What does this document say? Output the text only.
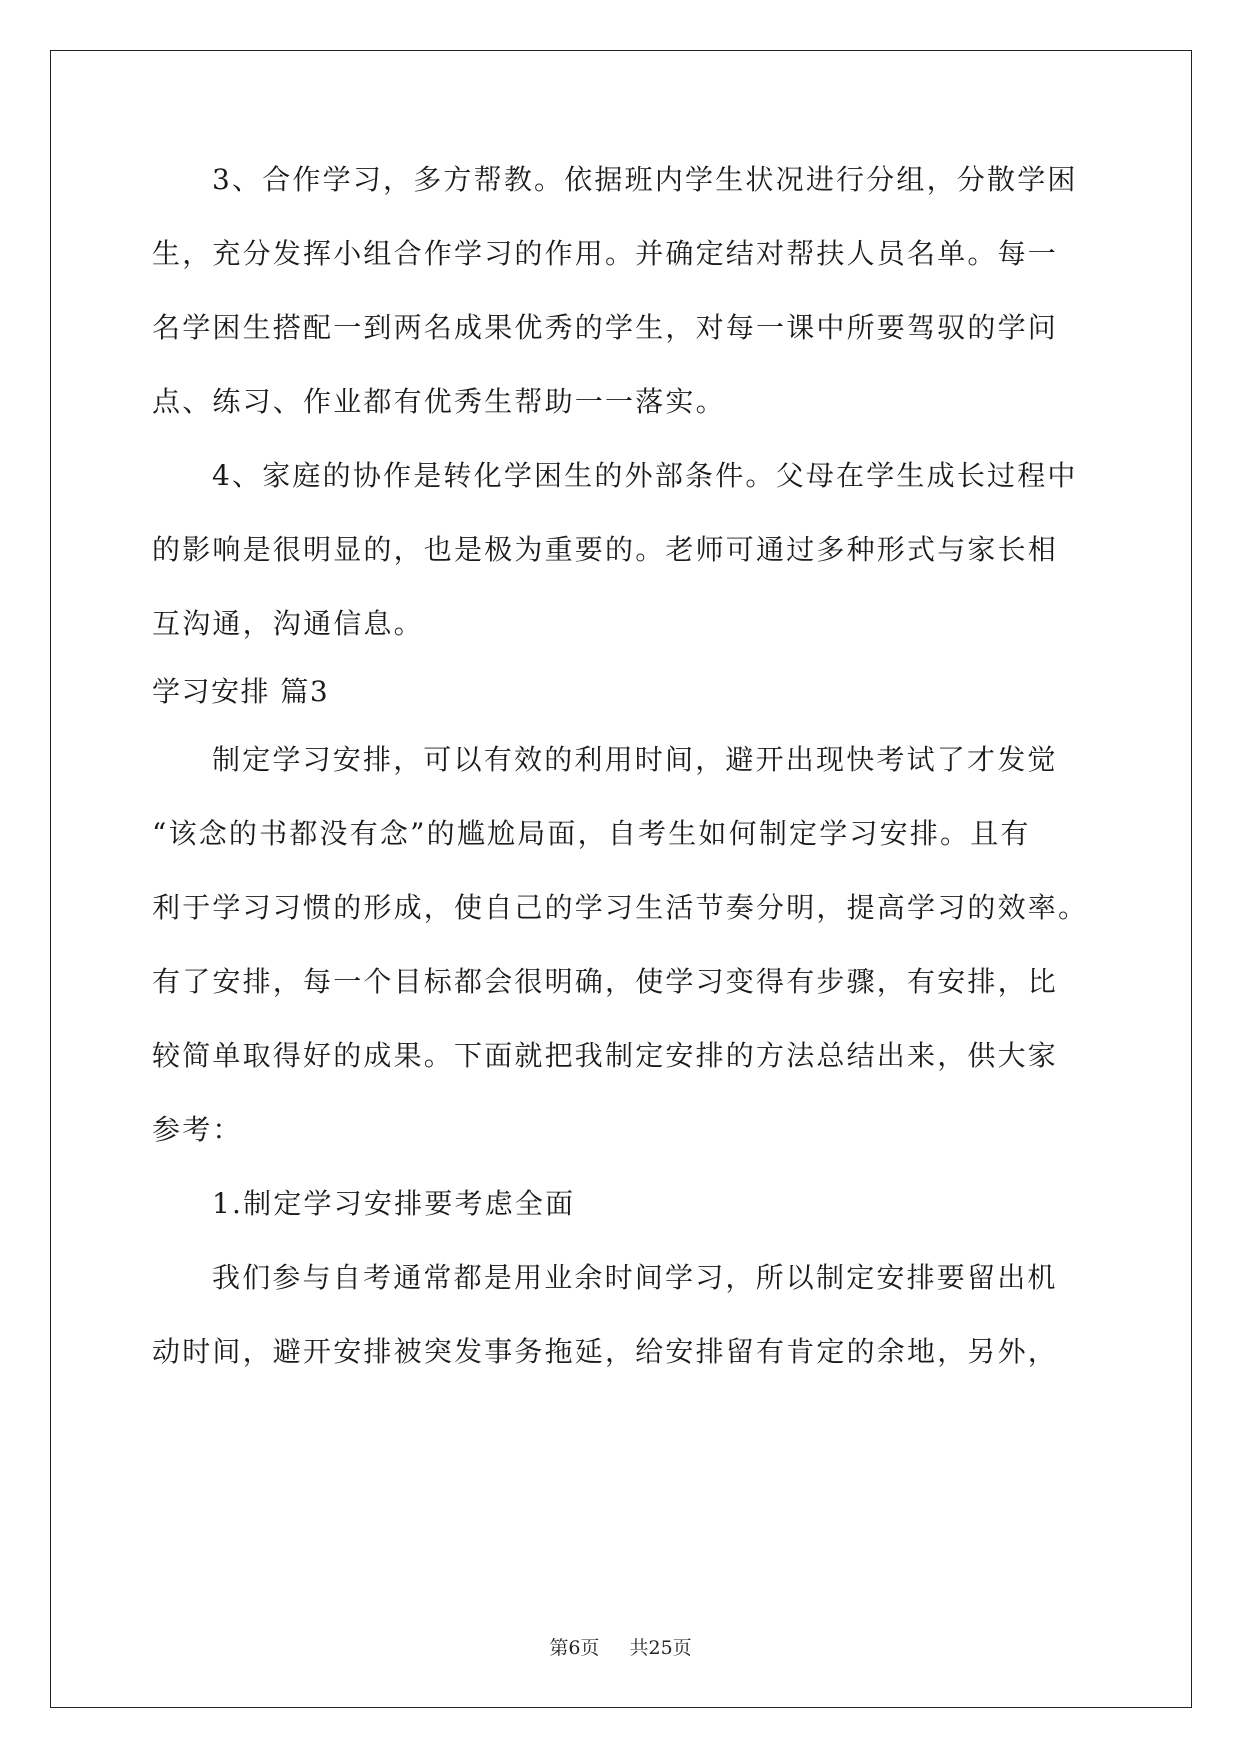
3、合作学习，多方帮教。依据班内学生状况进行分组，分散学困
生，充分发挥小组合作学习的作用。并确定结对帮扶人员名单。每一
名学困生搭配一到两名成果优秀的学生，对每一课中所要驾驭的学问
点、练习、作业都有优秀生帮助一一落实。
4、家庭的协作是转化学困生的外部条件。父母在学生成长过程中
的影响是很明显的，也是极为重要的。老师可通过多种形式与家长相
互沟通，沟通信息。
学习安排 篇3
制定学习安排，可以有效的利用时间，避开出现快考试了才发觉
“该念的书都没有念”的尴尬局面，自考生如何制定学习安排。且有
利于学习习惯的形成，使自己的学习生活节奏分明，提高学习的效率。
有了安排，每一个目标都会很明确，使学习变得有步骤，有安排，比
较简单取得好的成果。下面就把我制定安排的方法总结出来，供大家
参考：
1.制定学习安排要考虑全面
我们参与自考通常都是用业余时间学习，所以制定安排要留出机
动时间，避开安排被突发事务拖延，给安排留有肯定的余地，另外，
第6页 共25页
